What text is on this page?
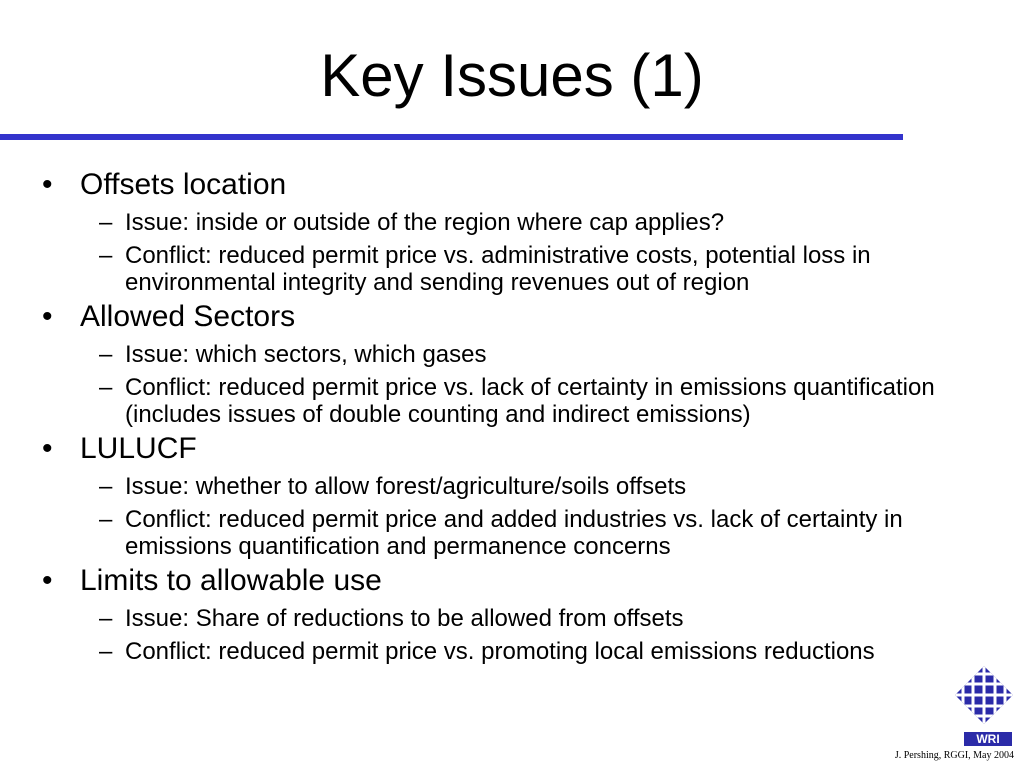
Key Issues (1)
• Offsets location
– Issue: inside or outside of the region where cap applies?
– Conflict: reduced permit price vs. administrative costs, potential loss in environmental integrity and sending revenues out of region
• Allowed Sectors
– Issue: which sectors, which gases
– Conflict: reduced permit price vs. lack of certainty in emissions quantification (includes issues of double counting and indirect emissions)
• LULUCF
– Issue: whether to allow forest/agriculture/soils offsets
– Conflict: reduced permit price and added industries vs. lack of certainty in emissions quantification and permanence concerns
• Limits to allowable use
– Issue: Share of reductions to be allowed from offsets
– Conflict: reduced permit price vs. promoting local emissions reductions
WRI
J. Pershing, RGGI, May 2004
